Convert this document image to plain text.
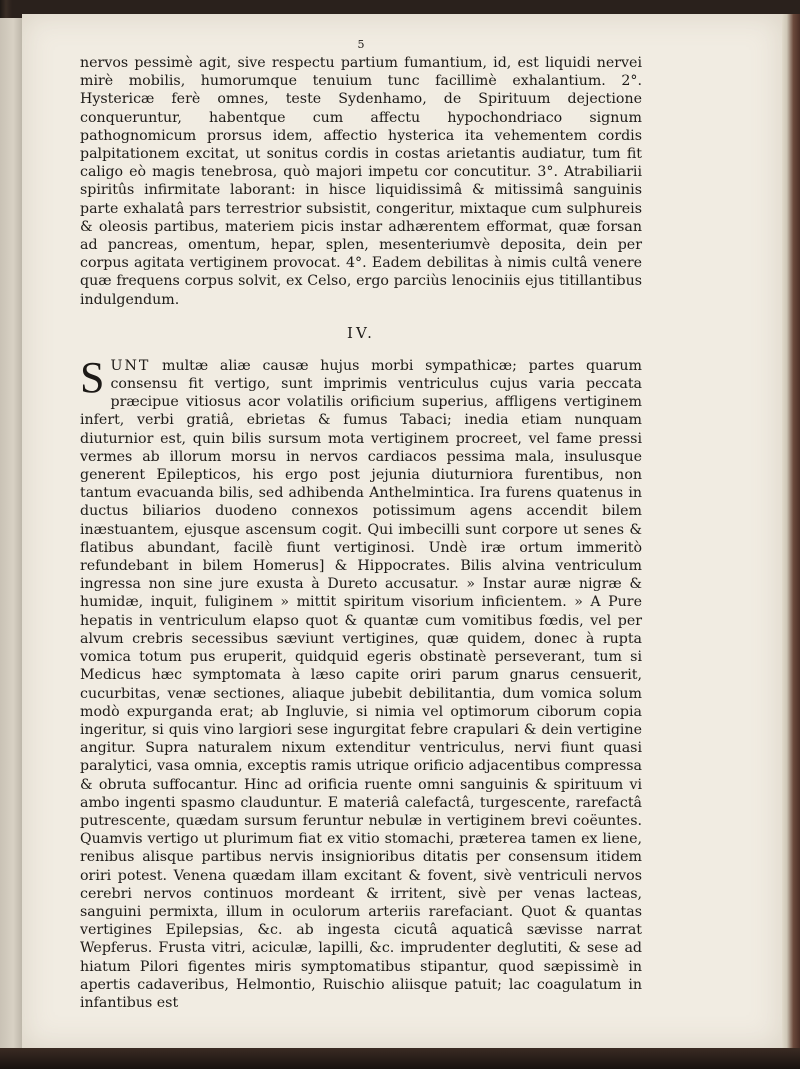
5

nervos pessimè agit, sive respectu partium fumantium, id, est liquidi nervei mirè mobilis, humorumque tenuium tunc facillimè exhalantium. 2°. Hystericæ ferè omnes, teste Sydenhamo, de Spirituum dejectione conqueruntur, habentque cum affectu hypochondriaco signum pathognomicum prorsus idem, affectio hysterica ita vehementem cordis palpitationem excitat, ut sonitus cordis in costas arietantis audiatur, tum fit caligo eò magis tenebrosa, quò majori impetu cor concutitur. 3°. Atrabiliarii spiritûs infirmitate laborant: in hisce liquidissimâ & mitissimâ sanguinis parte exhalatâ pars terrestrior subsistit, congeritur, mixtaque cum sulphureis & oleosis partibus, materiem picis instar adhærentem efformat, quæ forsan ad pancreas, omentum, hepar, splen, mesenteriumvè deposita, dein per corpus agitata vertiginem provocat. 4°. Eadem debilitas à nimis cultâ venere quæ frequens corpus solvit, ex Celso, ergo parciùs lenociniis ejus titillantibus indulgendum.

IV.

SUNT multæ aliæ causæ hujus morbi sympathicæ; partes quarum consensu fit vertigo, sunt imprimis ventriculus cujus varia peccata præcipue vitiosus acor volatilis orificium superius, affligens vertiginem infert, verbi gratiâ, ebrietas & fumus Tabaci; inedia etiam nunquam diuturnior est, quin bilis sursum mota vertiginem procreet, vel fame pressi vermes ab illorum morsu in nervos cardiacos pessima mala, insulusque generent Epilepticos, his ergo post jejunia diuturniora furentibus, non tantum evacuanda bilis, sed adhibenda Anthelmintica. Ira furens quatenus in ductus biliarios duodeno connexos potissimum agens accendit bilem inæstuantem, ejusque ascensum cogit. Qui imbecilli sunt corpore ut senes & flatibus abundant, facilè fiunt vertiginosi. Undè iræ ortum immeritò refundebant in bilem Homerus] & Hippocrates. Bilis alvina ventriculum ingressa non sine jure exusta à Dureto accusatur. » Instar auræ nigræ & humidæ, inquit, fuliginem » mittit spiritum visorium inficientem. » A Pure hepatis in ventriculum elapso quot & quantæ cum vomitibus fœdis, vel per alvum crebris secessibus sæviunt vertigines, quæ quidem, donec à rupta vomica totum pus eruperit, quidquid egeris obstinatè perseverant, tum si Medicus hæc symptomata à læso capite oriri parum gnarus censuerit, cucurbitas, venæ sectiones, aliaque jubebit debilitantia, dum vomica solum modò expurganda erat; ab Ingluvie, si nimia vel optimorum ciborum copia ingeritur, si quis vino largiori sese ingurgitat febre crapulari & dein vertigine angitur. Supra naturalem nixum extenditur ventriculus, nervi fiunt quasi paralytici, vasa omnia, exceptis ramis utrique orificio adjacentibus compressa & obruta suffocantur. Hinc ad orificia ruente omni sanguinis & spirituum vi ambo ingenti spasmo clauduntur. E materiâ calefactâ, turgescente, rarefactâ putrescente, quædam sursum feruntur nebulæ in vertiginem brevi coëuntes. Quamvis vertigo ut plurimum fiat ex vitio stomachi, præterea tamen ex liene, renibus alisque partibus nervis insignioribus ditatis per consensum itidem oriri potest. Venena quædam illam excitant & fovent, sivè ventriculi nervos cerebri nervos continuos mordeant & irritent, sivè per venas lacteas, sanguini permixta, illum in oculorum arteriis rarefaciant. Quot & quantas vertigines Epilepsias, &c. ab ingesta cicutâ aquaticâ sævisse narrat Wepferus. Frusta vitri, aciculæ, lapilli, &c. imprudenter deglutiti, & sese ad hiatum Pilori figentes miris symptomatibus stipantur, quod sæpissimè in apertis cadaveribus, Helmontio, Ruischio aliisque patuit; lac coagulatum in infantibus est
